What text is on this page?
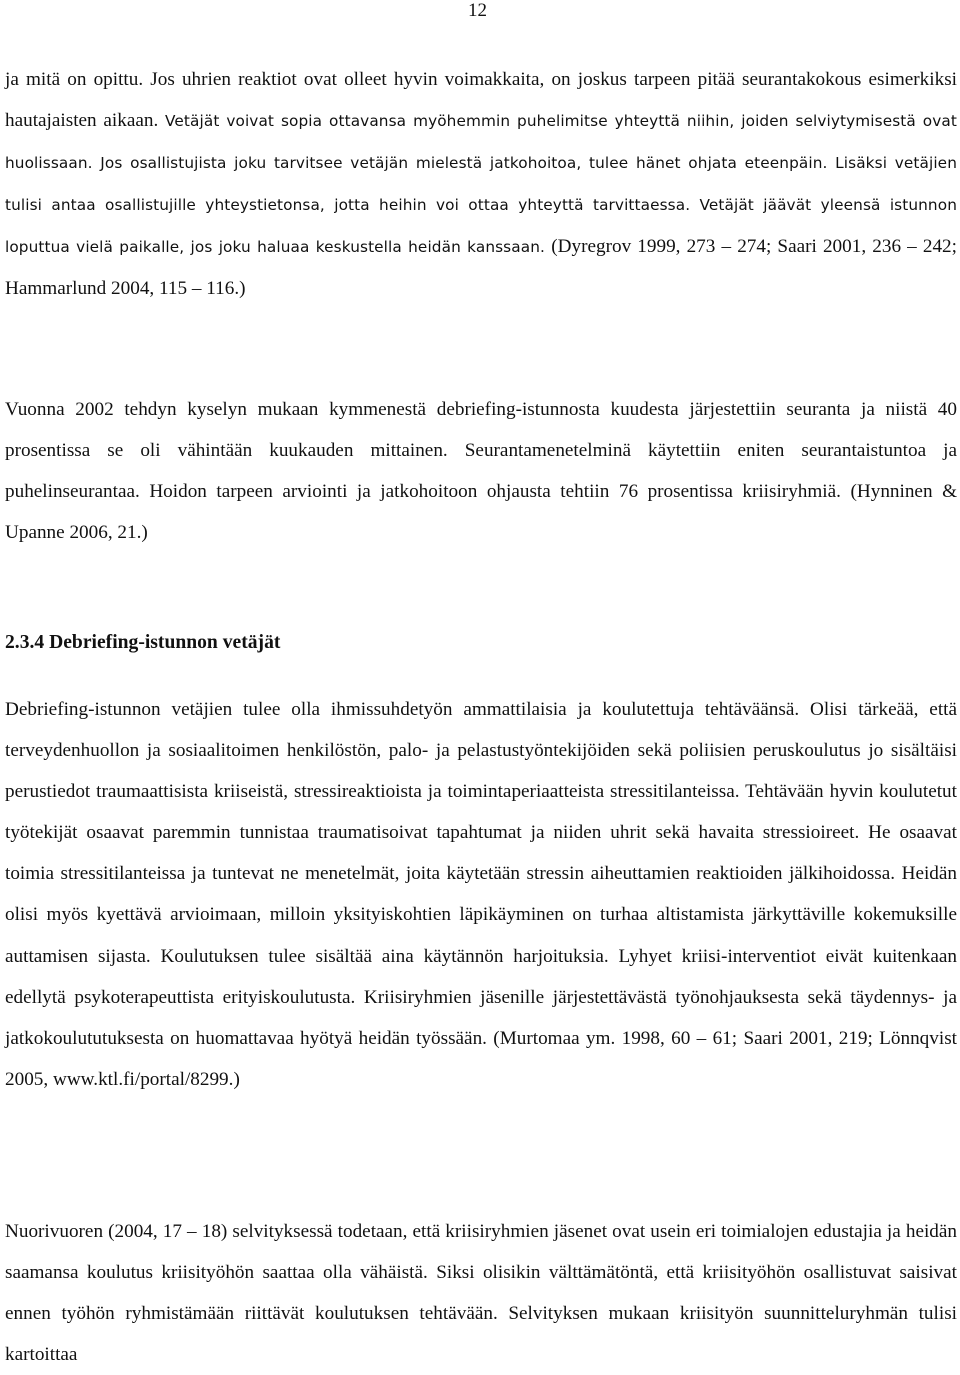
12

ja mitä on opittu. Jos uhrien reaktiot ovat olleet hyvin voimakkaita, on joskus tarpeen pitää seurantakokous esimerkiksi hautajaisten aikaan. Vetäjät voivat sopia ottavansa myöhemmin puhelimitse yhteyttä niihin, joiden selviytymisestä ovat huolissaan. Jos osallistujista joku tarvitsee vetäjän mielestä jatkohoitoa, tulee hänet ohjata eteenpäin. Lisäksi vetäjien tulisi antaa osallistujille yhteystietonsa, jotta heihin voi ottaa yhteyttä tarvittaessa. Vetäjät jäävät yleensä istunnon loputtua vielä paikalle, jos joku haluaa keskustella heidän kanssaan. (Dyregrov 1999, 273 – 274; Saari 2001, 236 – 242; Hammarlund 2004, 115 – 116.)

Vuonna 2002 tehdyn kyselyn mukaan kymmenestä debriefing-istunnosta kuudesta järjestettiin seuranta ja niistä 40 prosentissa se oli vähintään kuukauden mittainen. Seurantamenetelminä käytettiin eniten seurantaistuntoa ja puhelinseurantaa. Hoidon tarpeen arviointi ja jatkohoitoon ohjausta tehtiin 76 prosentissa kriisiryhmiä. (Hynninen & Upanne 2006, 21.)

2.3.4 Debriefing-istunnon vetäjät

Debriefing-istunnon vetäjien tulee olla ihmissuhdetyön ammattilaisia ja koulutettuja tehtäväänsä. Olisi tärkeää, että terveydenhuollon ja sosiaalitoimen henkilöstön, palo- ja pelastustyöntekijöiden sekä poliisien peruskoulutus jo sisältäisi perustiedot traumaattisista kriiseistä, stressireaktioista ja toimintaperiaatteista stressitilanteissa. Tehtävään hyvin koulutetut työtekijät osaavat paremmin tunnistaa traumatisoivat tapahtumat ja niiden uhrit sekä havaita stressioireet. He osaavat toimia stressitilanteissa ja tuntevat ne menetelmät, joita käytetään stressin aiheuttamien reaktioiden jälkihoidossa. Heidän olisi myös kyettävä arvioimaan, milloin yksityiskohtien läpikäyminen on turhaa altistamista järkyttäville kokemuksille auttamisen sijasta. Koulutuksen tulee sisältää aina käytännön harjoituksia. Lyhyet kriisi-interventiot eivät kuitenkaan edellytä psykoterapeuttista erityiskoulutusta. Kriisiryhmien jäsenille järjestettävästä työnohjauksesta sekä täydennys- ja jatkokoulututuksesta on huomattavaa hyötyä heidän työssään. (Murtomaa ym. 1998, 60 – 61; Saari 2001, 219; Lönnqvist 2005, www.ktl.fi/portal/8299.)

Nuorivuoren (2004, 17 – 18) selvityksessä todetaan, että kriisiryhmien jäsenet ovat usein eri toimialojen edustajia ja heidän saamansa koulutus kriisityöhön saattaa olla vähäistä. Siksi olisikin välttämätöntä, että kriisityöhön osallistuvat saisivat ennen työhön ryhmistämään riittävät koulutuksen tehtävään. Selvityksen mukaan kriisityön suunnitteluryhmän tulisi kartoittaa
